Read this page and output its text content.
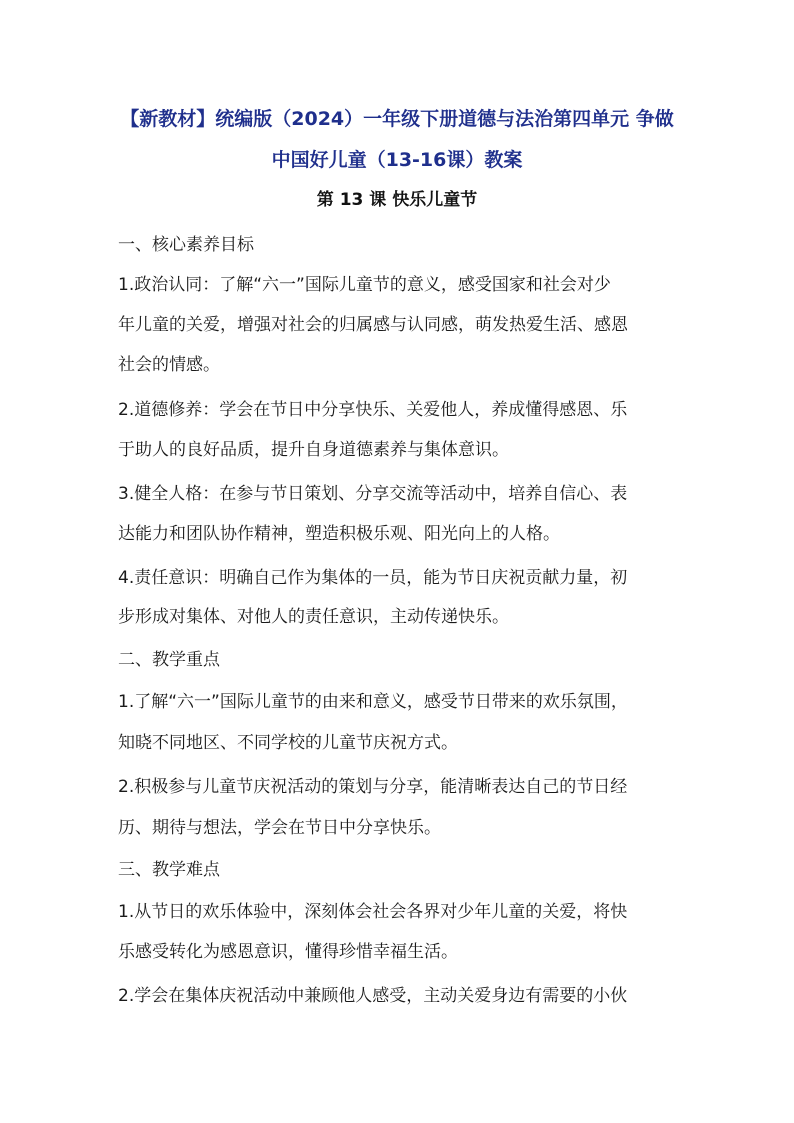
【新教材】统编版（2024）一年级下册道德与法治第四单元 争做
中国好儿童（13-16课）教案
第 13 课 快乐儿童节
一、核心素养目标
1.政治认同：了解“六一”国际儿童节的意义，感受国家和社会对少
年儿童的关爱，增强对社会的归属感与认同感，萌发热爱生活、感恩
社会的情感。
2.道德修养：学会在节日中分享快乐、关爱他人，养成懂得感恩、乐
于助人的良好品质，提升自身道德素养与集体意识。
3.健全人格：在参与节日策划、分享交流等活动中，培养自信心、表
达能力和团队协作精神，塑造积极乐观、阳光向上的人格。
4.责任意识：明确自己作为集体的一员，能为节日庆祝贡献力量，初
步形成对集体、对他人的责任意识，主动传递快乐。
二、教学重点
1.了解“六一”国际儿童节的由来和意义，感受节日带来的欢乐氛围，
知晓不同地区、不同学校的儿童节庆祝方式。
2.积极参与儿童节庆祝活动的策划与分享，能清晰表达自己的节日经
历、期待与想法，学会在节日中分享快乐。
三、教学难点
1.从节日的欢乐体验中，深刻体会社会各界对少年儿童的关爱，将快
乐感受转化为感恩意识，懂得珍惜幸福生活。
2.学会在集体庆祝活动中兼顾他人感受，主动关爱身边有需要的小伙
